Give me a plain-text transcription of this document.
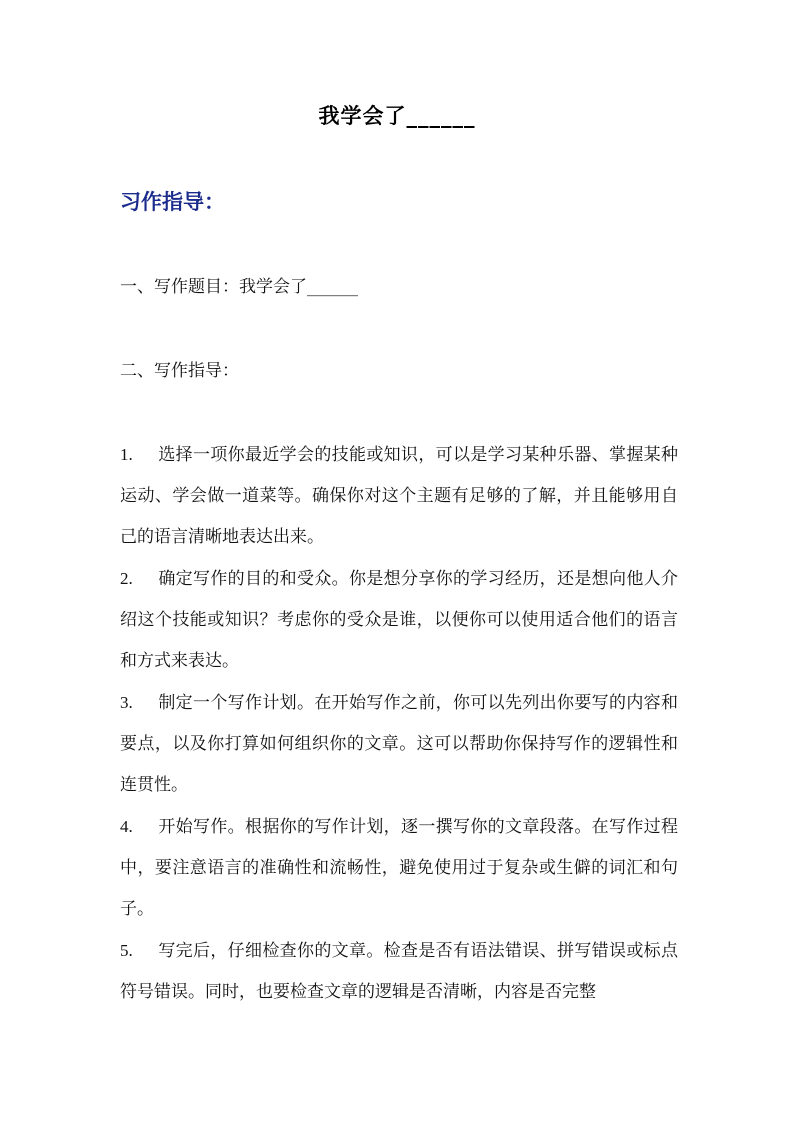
我学会了______
习作指导：
一、写作题目：我学会了______
二、写作指导：
1. 选择一项你最近学会的技能或知识，可以是学习某种乐器、掌握某种运动、学会做一道菜等。确保你对这个主题有足够的了解，并且能够用自己的语言清晰地表达出来。
2. 确定写作的目的和受众。你是想分享你的学习经历，还是想向他人介绍这个技能或知识？考虑你的受众是谁，以便你可以使用适合他们的语言和方式来表达。
3. 制定一个写作计划。在开始写作之前，你可以先列出你要写的内容和要点，以及你打算如何组织你的文章。这可以帮助你保持写作的逻辑性和连贯性。
4. 开始写作。根据你的写作计划，逐一撰写你的文章段落。在写作过程中，要注意语言的准确性和流畅性，避免使用过于复杂或生僻的词汇和句子。
5. 写完后，仔细检查你的文章。检查是否有语法错误、拼写错误或标点符号错误。同时，也要检查文章的逻辑是否清晰，内容是否完整
